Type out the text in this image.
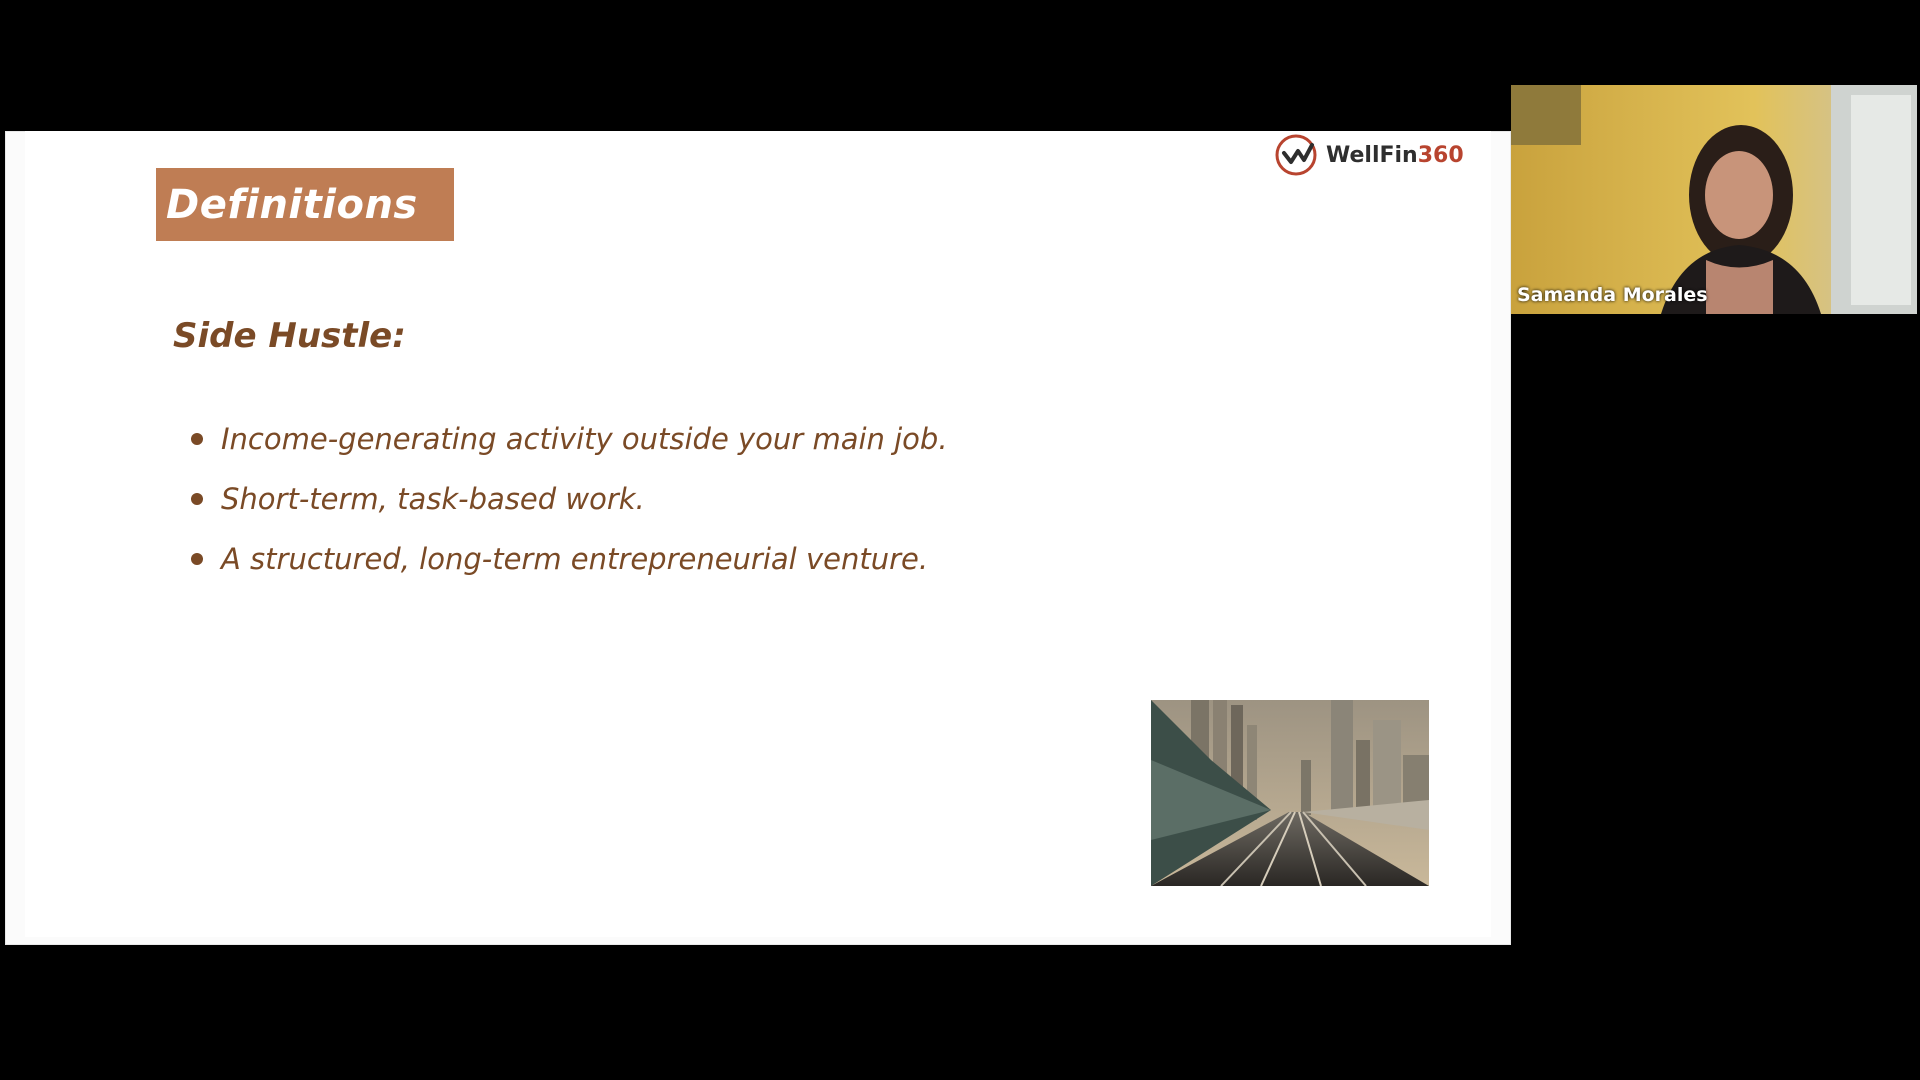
Definitions
WellFin360
Side Hustle:
Income-generating activity outside your main job.
Short-term, task-based work.
A structured, long-term entrepreneurial venture.
Samanda Morales
